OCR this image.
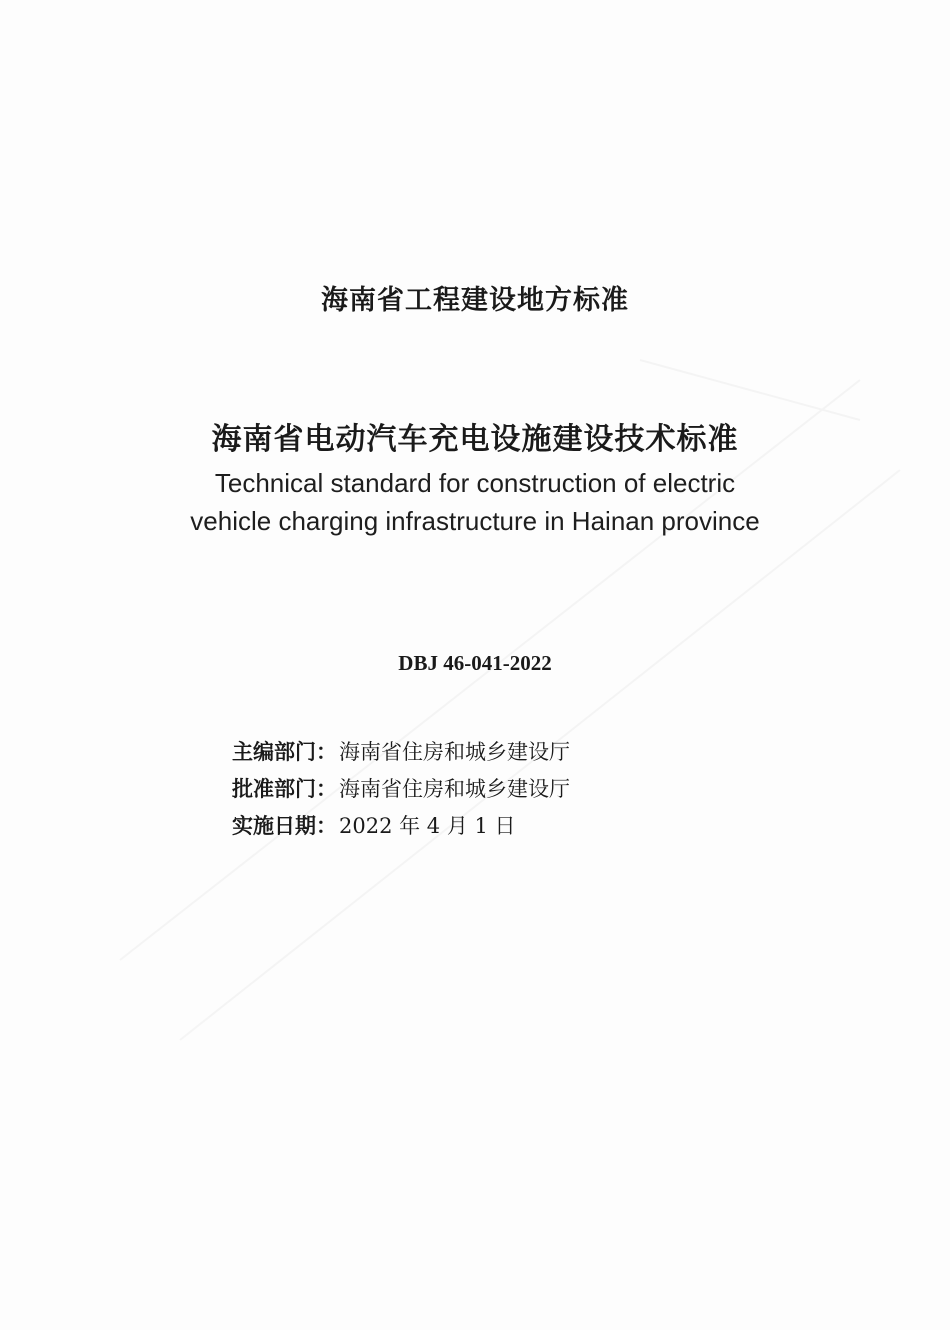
海南省工程建设地方标准
海南省电动汽车充电设施建设技术标准
Technical standard for construction of electric
vehicle charging infrastructure in Hainan province
DBJ 46-041-2022
主编部门：海南省住房和城乡建设厅
批准部门：海南省住房和城乡建设厅
实施日期：2022 年 4 月 1 日
